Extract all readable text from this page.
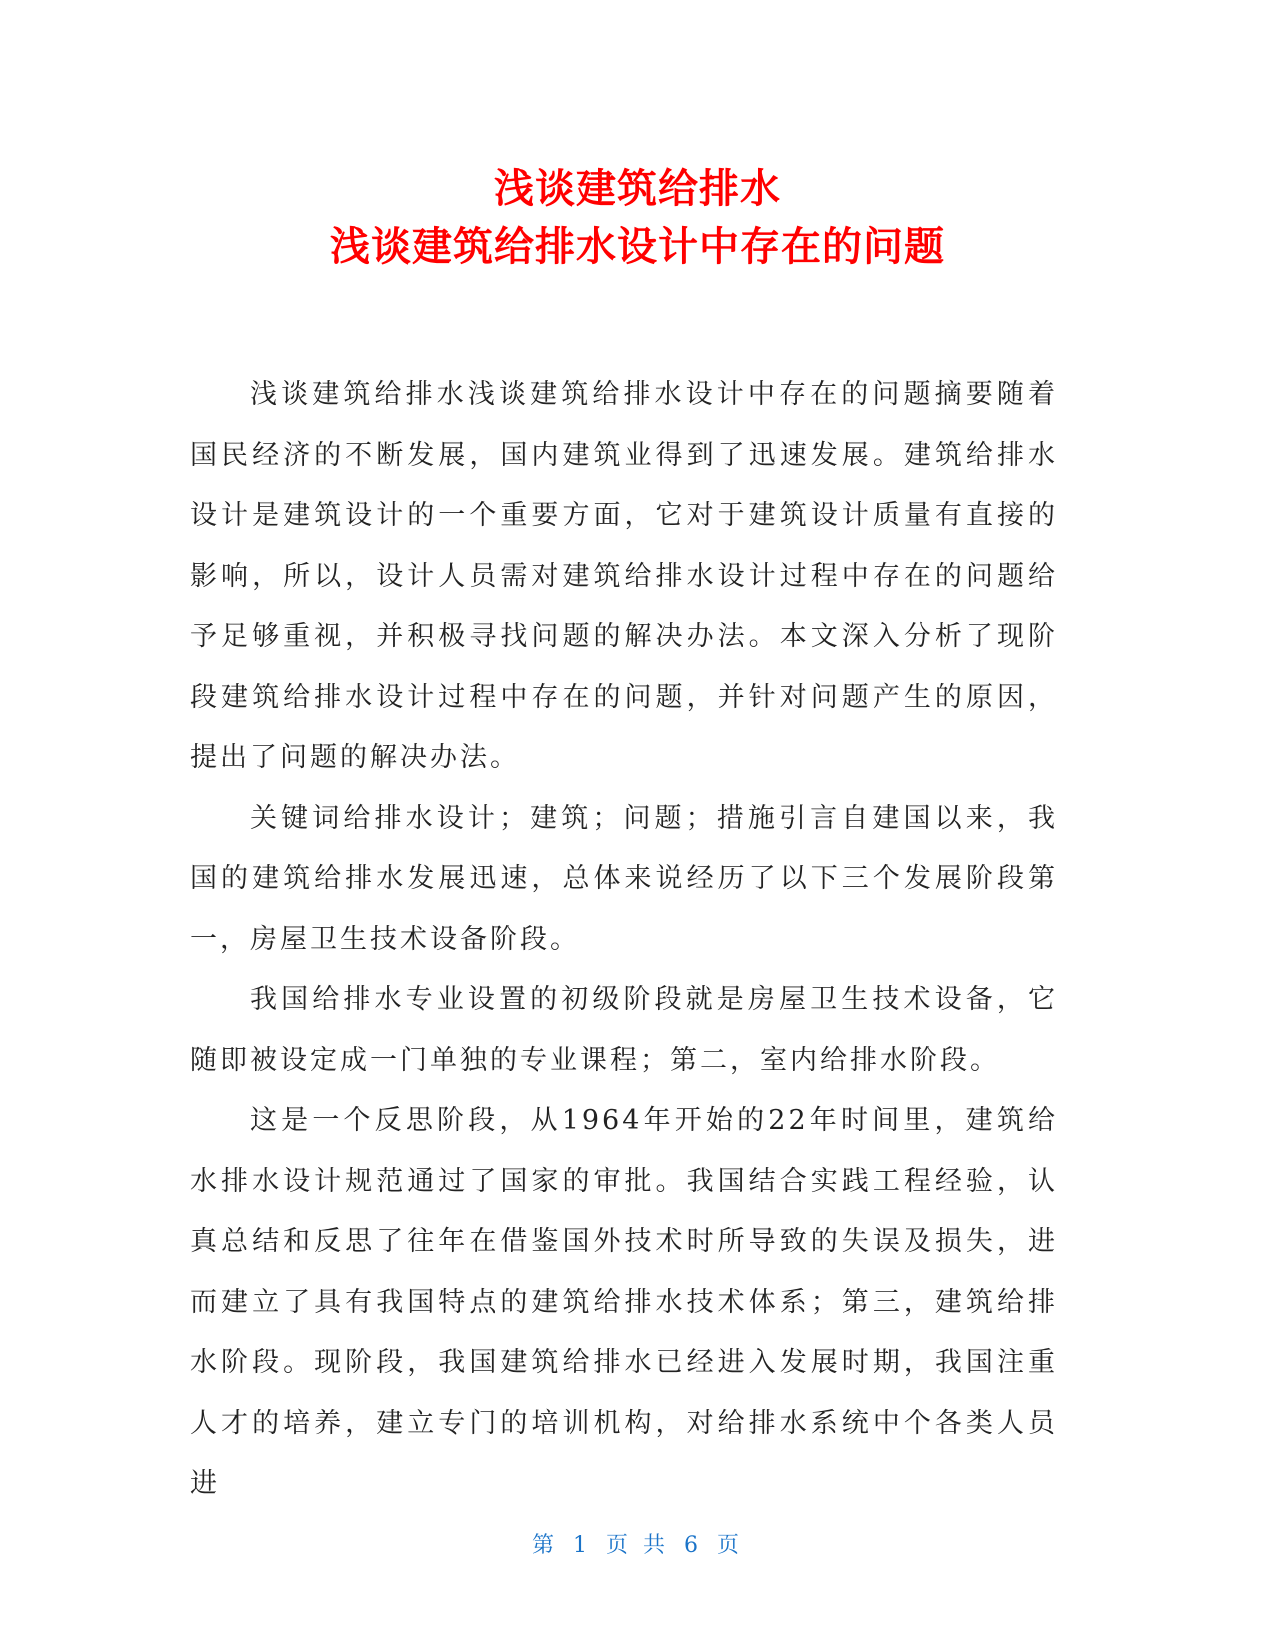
浅谈建筑给排水
浅谈建筑给排水设计中存在的问题

浅谈建筑给排水浅谈建筑给排水设计中存在的问题摘要随着国民经济的不断发展，国内建筑业得到了迅速发展。建筑给排水设计是建筑设计的一个重要方面，它对于建筑设计质量有直接的影响，所以，设计人员需对建筑给排水设计过程中存在的问题给予足够重视，并积极寻找问题的解决办法。本文深入分析了现阶段建筑给排水设计过程中存在的问题，并针对问题产生的原因，提出了问题的解决办法。

关键词给排水设计；建筑；问题；措施引言自建国以来，我国的建筑给排水发展迅速，总体来说经历了以下三个发展阶段第一，房屋卫生技术设备阶段。

我国给排水专业设置的初级阶段就是房屋卫生技术设备，它随即被设定成一门单独的专业课程；第二，室内给排水阶段。

这是一个反思阶段，从1964年开始的22年时间里，建筑给水排水设计规范通过了国家的审批。我国结合实践工程经验，认真总结和反思了往年在借鉴国外技术时所导致的失误及损失，进而建立了具有我国特点的建筑给排水技术体系；第三，建筑给排水阶段。现阶段，我国建筑给排水已经进入发展时期，我国注重人才的培养，建立专门的培训机构，对给排水系统中个各类人员进

第 1 页 共 6 页
